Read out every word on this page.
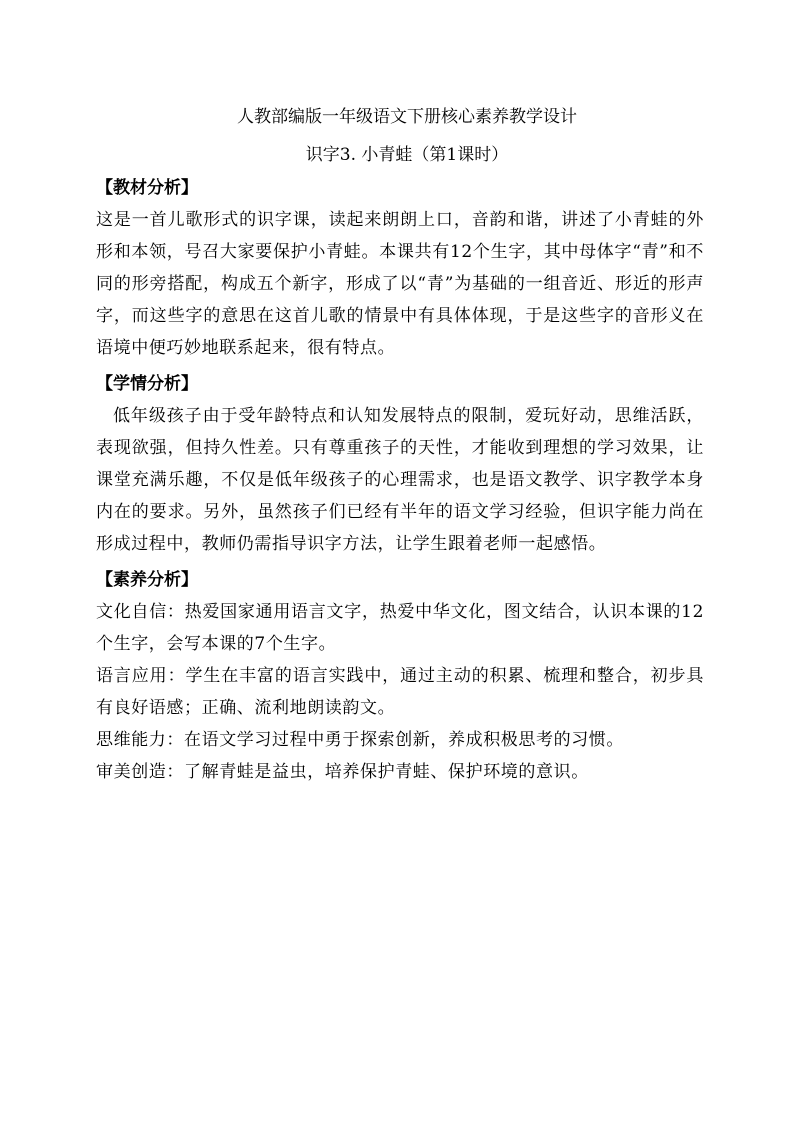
人教部编版一年级语文下册核心素养教学设计

识字3. 小青蛙（第1课时）

【教材分析】

这是一首儿歌形式的识字课，读起来朗朗上口，音韵和谐，讲述了小青蛙的外形和本领，号召大家要保护小青蛙。本课共有12个生字，其中母体字“青”和不同的形旁搭配，构成五个新字，形成了以“青”为基础的一组音近、形近的形声字，而这些字的意思在这首儿歌的情景中有具体体现，于是这些字的音形义在语境中便巧妙地联系起来，很有特点。

【学情分析】

低年级孩子由于受年龄特点和认知发展特点的限制，爱玩好动，思维活跃，表现欲强，但持久性差。只有尊重孩子的天性，才能收到理想的学习效果，让课堂充满乐趣，不仅是低年级孩子的心理需求，也是语文教学、识字教学本身内在的要求。另外，虽然孩子们已经有半年的语文学习经验，但识字能力尚在形成过程中，教师仍需指导识字方法，让学生跟着老师一起感悟。

【素养分析】

文化自信：热爱国家通用语言文字，热爱中华文化，图文结合，认识本课的12个生字，会写本课的7个生字。

语言应用：学生在丰富的语言实践中，通过主动的积累、梳理和整合，初步具有良好语感；正确、流利地朗读韵文。

思维能力：在语文学习过程中勇于探索创新，养成积极思考的习惯。

审美创造：了解青蛙是益虫，培养保护青蛙、保护环境的意识。
